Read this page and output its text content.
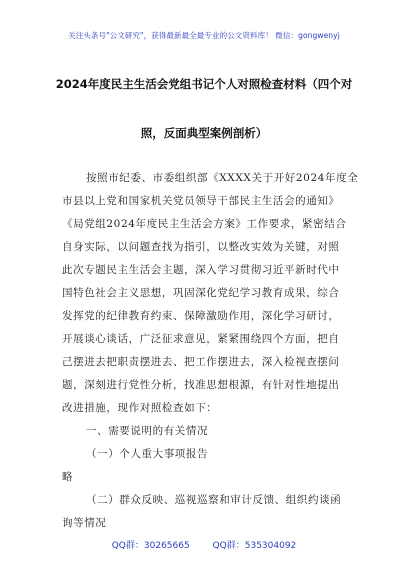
关注头条号"公文研究"，获得最新最全最专业的公文资料库！ 微信：gongwenyj
2024年度民主生活会党组书记个人对照检查材料（四个对
照，反面典型案例剖析）
按照市纪委、市委组织部《XXXX关于开好2024年度全
市县以上党和国家机关党员领导干部民主生活会的通知》
《局党组2024年度民主生活会方案》工作要求，紧密结合
自身实际，以问题查找为指引，以整改实效为关键，对照
此次专题民主生活会主题，深入学习贯彻习近平新时代中
国特色社会主义思想，巩固深化党纪学习教育成果，综合
发挥党的纪律教育约束、保障激励作用，深化学习研讨，
开展谈心谈话，广泛征求意见，紧紧围绕四个方面，把自
己摆进去把职责摆进去、把工作摆进去，深入检视查摆问
题，深刻进行党性分析，找准思想根源，有针对性地提出
改进措施，现作对照检查如下：
一、需要说明的有关情况
（一）个人重大事项报告
略
（二）群众反映、巡视巡察和审计反馈、组织约谈函
询等情况
QQ群：30265665	QQ群：535304092
